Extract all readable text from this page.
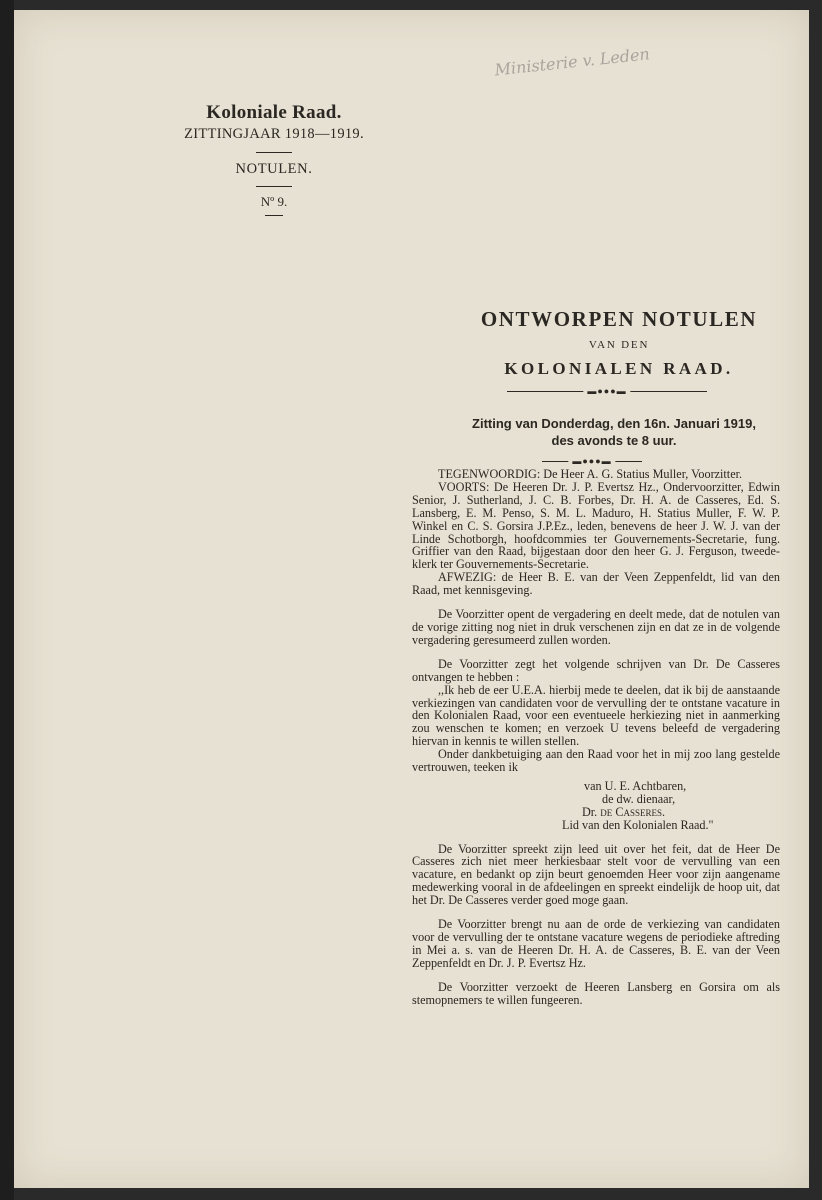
Koloniale Raad.
ZITTINGJAAR 1918—1919.
NOTULEN.
Nº 9.
Ministerie v. Leden
ONTWORPEN NOTULEN
VAN DEN
KOLONIALEN RAAD.
▬●●●▬
Zitting van Donderdag, den 16n. Januari 1919,
des avonds te 8 uur.
▬●●●▬

TEGENWOORDIG: De Heer A. G. Statius Muller, Voorzitter.

VOORTS: De Heeren Dr. J. P. Evertsz Hz., Ondervoorzitter, Edwin Senior, J. Sutherland, J. C. B. Forbes, Dr. H. A. de Casseres, Ed. S. Lansberg, E. M. Penso, S. M. L. Maduro, H. Statius Muller, F. W. P. Winkel en C. S. Gorsira J.P.Ez., leden, benevens de heer J. W. J. van der Linde Schotborgh, hoofdcommies ter Gouvernements-Secretarie, fung. Griffier van den Raad, bijgestaan door den heer G. J. Ferguson, tweede-klerk ter Gouvernements-Secretarie.

AFWEZIG: de Heer B. E. van der Veen Zeppenfeldt, lid van den Raad, met kennisgeving.

De Voorzitter opent de vergadering en deelt mede, dat de notulen van de vorige zitting nog niet in druk verschenen zijn en dat ze in de volgende vergadering geresumeerd zullen worden.

De Voorzitter zegt het volgende schrijven van Dr. De Casseres ontvangen te hebben :

,,Ik heb de eer U.E.A. hierbij mede te deelen, dat ik bij de aanstaande verkiezingen van candidaten voor de vervulling der te ontstane vacature in den Kolonialen Raad, voor een eventueele herkiezing niet in aanmerking zou wenschen te komen; en verzoek U tevens beleefd de vergadering hiervan in kennis te willen stellen.

Onder dankbetuiging aan den Raad voor het in mij zoo lang gestelde vertrouwen, teeken ik

van U. E. Achtbaren,

de dw. dienaar,

Dr. de Casseres.

Lid van den Kolonialen Raad."

De Voorzitter spreekt zijn leed uit over het feit, dat de Heer De Casseres zich niet meer herkiesbaar stelt voor de vervulling van een vacature, en bedankt op zijn beurt genoemden Heer voor zijn aangename medewerking vooral in de afdeelingen en spreekt eindelijk de hoop uit, dat het Dr. De Casseres verder goed moge gaan.

De Voorzitter brengt nu aan de orde de verkiezing van candidaten voor de vervulling der te ontstane vacature wegens de periodieke aftreding in Mei a. s. van de Heeren Dr. H. A. de Casseres, B. E. van der Veen Zeppenfeldt en Dr. J. P. Evertsz Hz.

De Voorzitter verzoekt de Heeren Lansberg en Gorsira om als stemopnemers te willen fungeeren.
